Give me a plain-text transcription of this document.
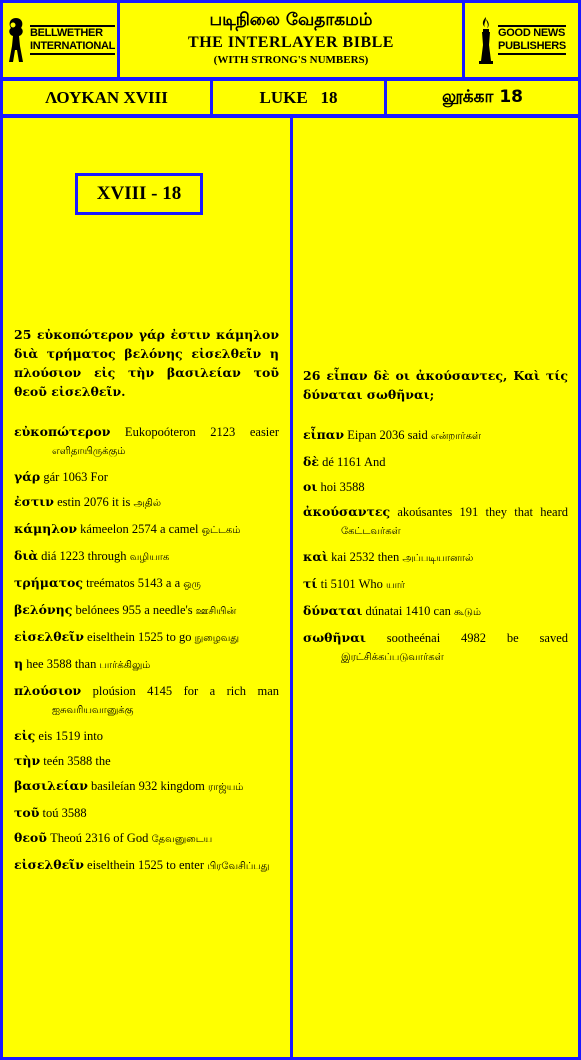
BELLWETHER
INTERNATIONAL
படிநிலை வேதாகமம்
THE INTERLAYER BIBLE
(WITH STRONG'S NUMBERS)
GOOD NEWS
PUBLISHERS
ΛΟΥΚΑΝ XVIII	LUKE   18	லூக்கா 18
XVIII - 18
25 εὐκοπώτερον γάρ ἐστιν κάμηλον διὰ τρήματος βελόνης εἰσελθεῖν η πλούσιον εἰς τὴν βασιλείαν τοῦ θεοῦ εἰσελθεῖν.
εὐκοπώτερον Eukopoóteron 2123 easier எளிதாயிருக்கும்
γάρ gár 1063 For
ἐστιν estin 2076 it is அதில்
κάμηλον kámeelon 2574 a camel ஒட்டகம்
διὰ diá 1223 through வழியாக
τρήματος treématos 5143 a a ஒரு
βελόνης belónees 955 a needle's ஊசியின்
εἰσελθεῖν eiselthein 1525 to go நுழைவது
η hee 3588 than பார்க்கிலும்
πλούσιον ploúsion 4145 for a rich man ஐசுவரியவானுக்கு
εἰς eis 1519 into
τὴν teén 3588 the
βασιλείαν basileían 932 kingdom ராஜ்யம்
τοῦ toú 3588
θεοῦ Theoú 2316 of God தேவனுடைய
εἰσελθεῖν eiselthein 1525 to enter பிரவேசிப்பது
26 εἶπαν δὲ οι ἀκούσαντες, Καὶ τίς δύναται σωθῆναι;
εἶπαν Eipan 2036 said என்றார்கள்
δὲ dé 1161 And
οι hoi 3588
ἀκούσαντες akoúsantes 191 they that heard கேட்டவர்கள்
καὶ kai 2532 then அப்படியானால்
τί ti 5101 Who யார்
δύναται dúnatai 1410 can கூடும்
σωθῆναι sootheénai 4982 be saved இரட்சிக்கப்படுவார்கள்
